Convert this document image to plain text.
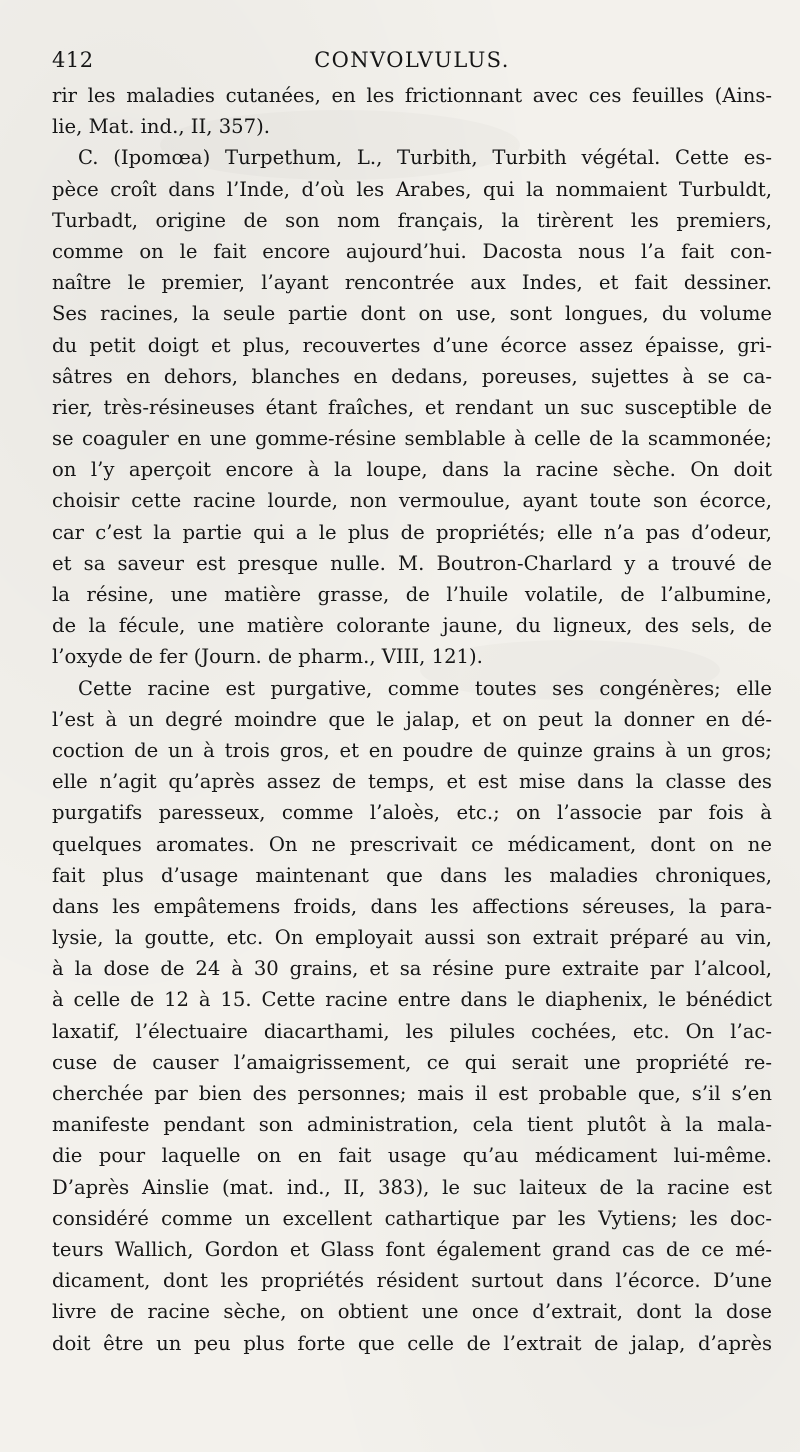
412	CONVOLVULUS.
rir les maladies cutanées, en les frictionnant avec ces feuilles (Ains-
lie, Mat. ind., II, 357).
C. (Ipomœa) Turpethum, L., Turbith, Turbith végétal. Cette es-
pèce croît dans l’Inde, d’où les Arabes, qui la nommaient Turbuldt,
Turbadt, origine de son nom français, la tirèrent les premiers,
comme on le fait encore aujourd’hui. Dacosta nous l’a fait con-
naître le premier, l’ayant rencontrée aux Indes, et fait dessiner.
Ses racines, la seule partie dont on use, sont longues, du volume
du petit doigt et plus, recouvertes d’une écorce assez épaisse, gri-
sâtres en dehors, blanches en dedans, poreuses, sujettes à se ca-
rier, très-résineuses étant fraîches, et rendant un suc susceptible de
se coaguler en une gomme-résine semblable à celle de la scammonée;
on l’y aperçoit encore à la loupe, dans la racine sèche. On doit
choisir cette racine lourde, non vermoulue, ayant toute son écorce,
car c’est la partie qui a le plus de propriétés; elle n’a pas d’odeur,
et sa saveur est presque nulle. M. Boutron-Charlard y a trouvé de
la résine, une matière grasse, de l’huile volatile, de l’albumine,
de la fécule, une matière colorante jaune, du ligneux, des sels, de
l’oxyde de fer (Journ. de pharm., VIII, 121).
Cette racine est purgative, comme toutes ses congénères; elle
l’est à un degré moindre que le jalap, et on peut la donner en dé-
coction de un à trois gros, et en poudre de quinze grains à un gros;
elle n’agit qu’après assez de temps, et est mise dans la classe des
purgatifs paresseux, comme l’aloès, etc.; on l’associe par fois à
quelques aromates. On ne prescrivait ce médicament, dont on ne
fait plus d’usage maintenant que dans les maladies chroniques,
dans les empâtemens froids, dans les affections séreuses, la para-
lysie, la goutte, etc. On employait aussi son extrait préparé au vin,
à la dose de 24 à 30 grains, et sa résine pure extraite par l’alcool,
à celle de 12 à 15. Cette racine entre dans le diaphenix, le bénédict
laxatif, l’électuaire diacarthami, les pilules cochées, etc. On l’ac-
cuse de causer l’amaigrissement, ce qui serait une propriété re-
cherchée par bien des personnes; mais il est probable que, s’il s’en
manifeste pendant son administration, cela tient plutôt à la mala-
die pour laquelle on en fait usage qu’au médicament lui-même.
D’après Ainslie (mat. ind., II, 383), le suc laiteux de la racine est
considéré comme un excellent cathartique par les Vytiens; les doc-
teurs Wallich, Gordon et Glass font également grand cas de ce mé-
dicament, dont les propriétés résident surtout dans l’écorce. D’une
livre de racine sèche, on obtient une once d’extrait, dont la dose
doit être un peu plus forte que celle de l’extrait de jalap, d’après
